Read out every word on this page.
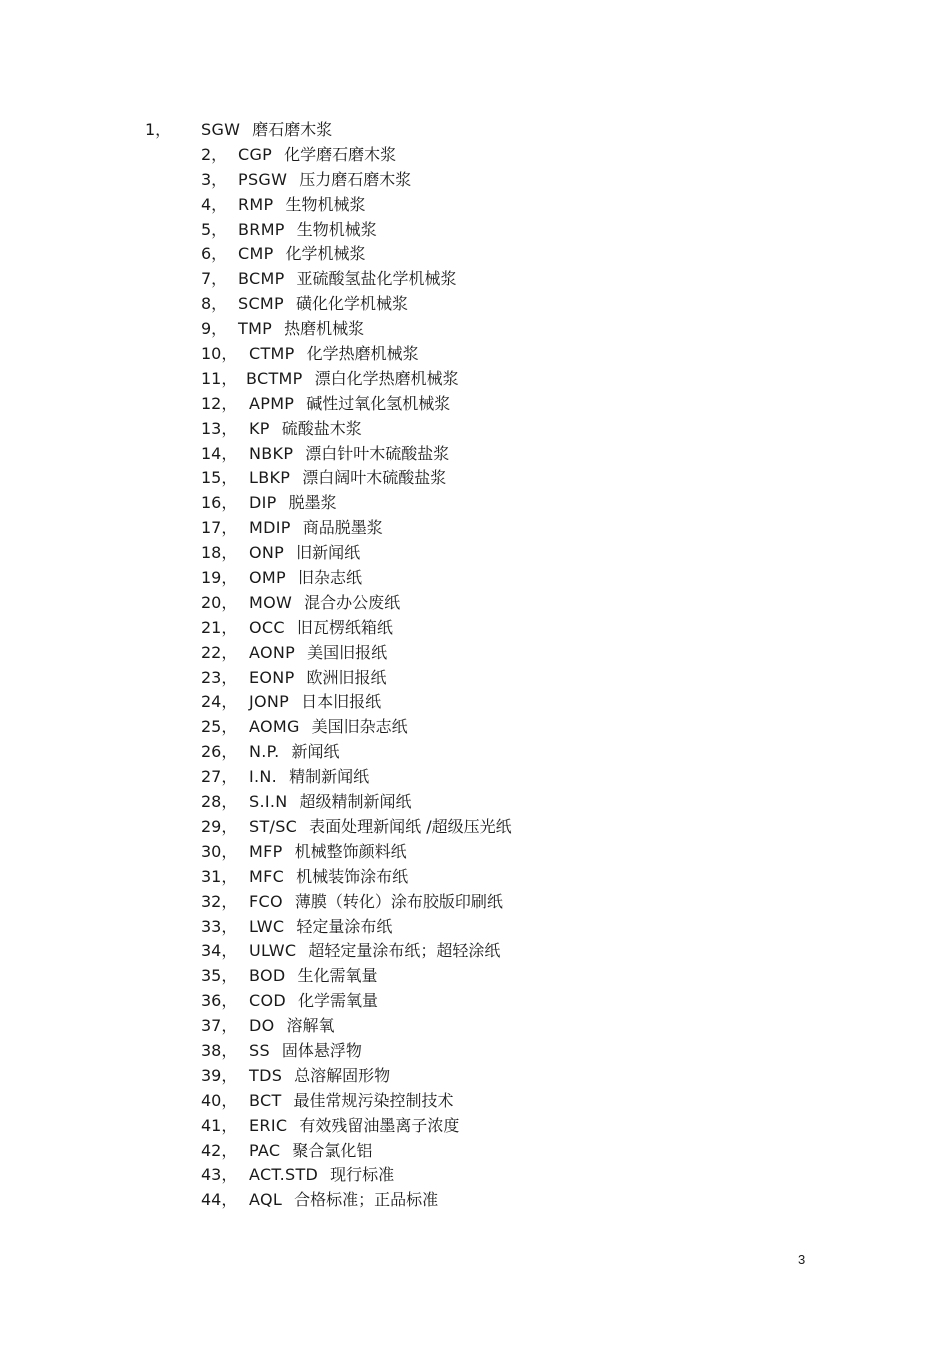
1， SGW 磨石磨木浆
2， CGP 化学磨石磨木浆
3， PSGW 压力磨石磨木浆
4， RMP 生物机械浆
5， BRMP 生物机械浆
6， CMP 化学机械浆
7， BCMP 亚硫酸氢盐化学机械浆
8， SCMP 磺化化学机械浆
9， TMP 热磨机械浆
10， CTMP 化学热磨机械浆
11， BCTMP 漂白化学热磨机械浆
12， APMP 碱性过氧化氢机械浆
13， KP 硫酸盐木浆
14， NBKP 漂白针叶木硫酸盐浆
15， LBKP 漂白阔叶木硫酸盐浆
16， DIP 脱墨浆
17， MDIP 商品脱墨浆
18， ONP 旧新闻纸
19， OMP 旧杂志纸
20， MOW 混合办公废纸
21， OCC 旧瓦楞纸箱纸
22， AONP 美国旧报纸
23， EONP 欧洲旧报纸
24， JONP 日本旧报纸
25， AOMG 美国旧杂志纸
26， N.P. 新闻纸
27， I.N. 精制新闻纸
28， S.I.N 超级精制新闻纸
29， ST/SC 表面处理新闻纸 /超级压光纸
30， MFP 机械整饰颜料纸
31， MFC 机械装饰涂布纸
32， FCO 薄膜（转化）涂布胶版印刷纸
33， LWC 轻定量涂布纸
34， ULWC 超轻定量涂布纸；超轻涂纸
35， BOD 生化需氧量
36， COD 化学需氧量
37， DO 溶解氧
38， SS 固体悬浮物
39， TDS 总溶解固形物
40， BCT 最佳常规污染控制技术
41， ERIC 有效残留油墨离子浓度
42， PAC 聚合氯化铝
43， ACT.STD 现行标准
44， AQL 合格标准；正品标准
3
